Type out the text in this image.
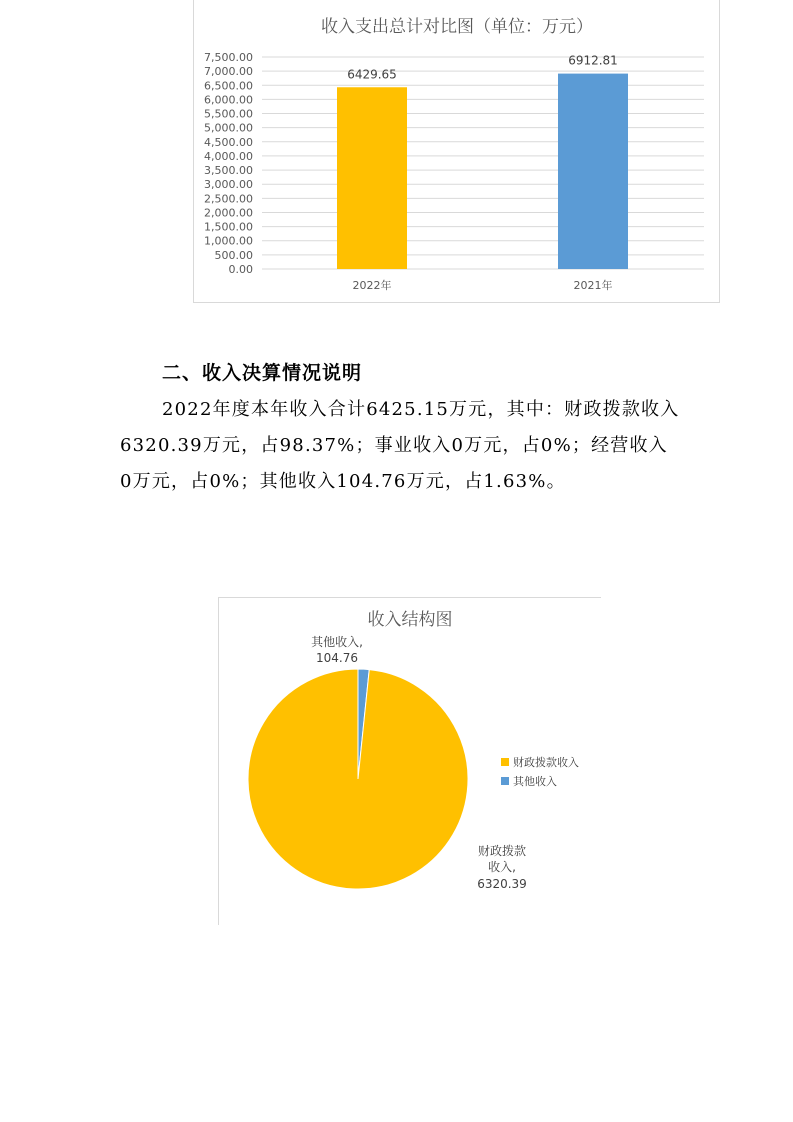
收入支出总计对比图（单位：万元）
7,500.00
7,000.00
6,500.00
6,000.00
5,500.00
5,000.00
4,500.00
4,000.00
3,500.00
3,000.00
2,500.00
2,000.00
1,500.00
1,000.00
500.00
0.00
6429.65
6912.81
2022年	2021年
二、收入决算情况说明
2022年度本年收入合计6425.15万元，其中：财政拨款收入6320.39万元，占98.37%；事业收入0万元，占0%；经营收入0万元，占0%；其他收入104.76万元，占1.63%。
收入结构图
其他收入,
104.76
财政拨款
收入,
6320.39
财政拨款收入
其他收入
